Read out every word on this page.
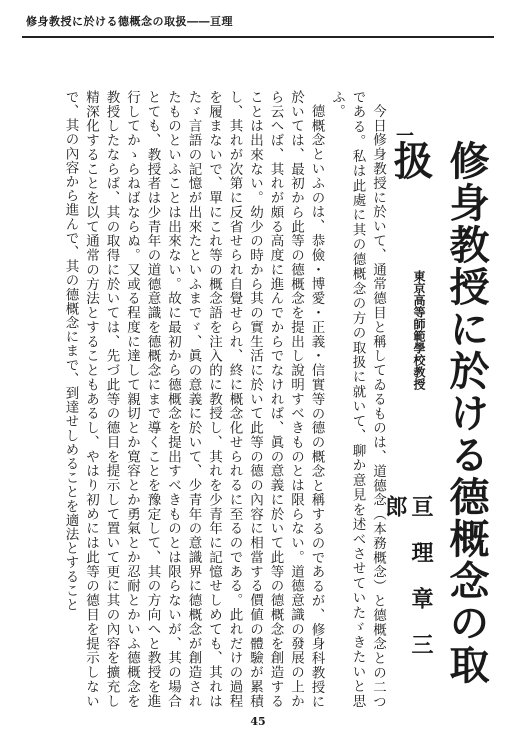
修身教授に於ける德概念の取扱――亘理
修身教授に於ける德概念の取扱
一
東京高等師範學校教授
亘理章三郎

今日修身教授に於いて、通常德目と稱してゐるものは、道德念（本務概念）と德概念との二つである。私は此處に其の德概念の方の取扱に就いて、聊か意見を述べさせていたゞきたいと思ふ。

德概念といふのは、恭儉・博愛・正義・信實等の德の概念と稱するのであるが、修身科教授に於いては、最初から此等の德概念を提出し說明すべきものとは限らない。道德意識の發展の上から云へば、其れが頗る高度に進んでからでなければ、眞の意義に於いて此等の德概念を創造することは出來ない。幼少の時から其の實生活に於いて此等の德の內容に相當する價値の體驗が累積し、其れが次第に反省せられ自覺せられ、終に概念化せられるに至るのである。此れだけの過程を履まないで、單にこれ等の概念語を注入的に教授し、其れを少青年に記憶せしめても、其れはたゞ言語の記憶が出來たといふまでゞ、眞の意義に於いて、少青年の意識界に德概念が創造されたものといふことは出來ない。故に最初から德概念を提出すべきものとは限らないが、其の場合とても、教授者は少青年の道德意識を德概念にまで導くことを豫定して、其の方向へと教授を進行してかゝらねばならぬ。又或る程度に達して親切とか寛容とか勇氣とか忍耐とかいふ德概念を教授したならば、其の取得に於いては、先づ此等の德目を提示して置いて更に其の內容を擴充し精深化することを以て通常の方法とすることもあるし、やはり初めには此等の德目を提示しないで、其の內容から進んで、其の德概念にまで、到達せしめることを適法とすること

45
